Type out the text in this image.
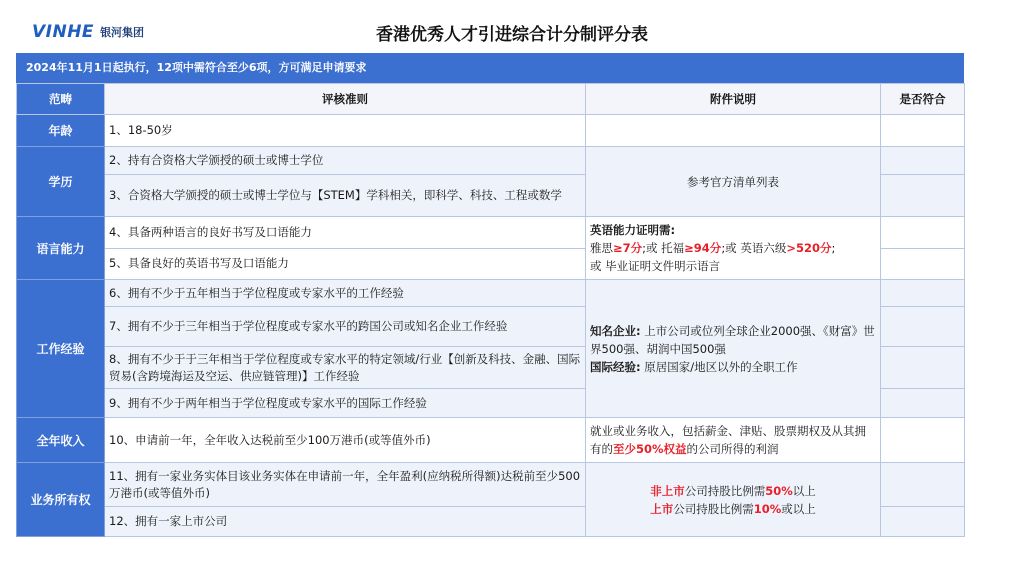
VINHE 银河集团	香港优秀人才引进综合计分制评分表
2024年11月1日起执行，12项中需符合至少6项，方可满足申请要求
范畴	评核准则	附件说明	是否符合
年龄	1、18-50岁		
学历	2、持有合资格大学颁授的硕士或博士学位	参考官方清单列表	
	3、合资格大学颁授的硕士或博士学位与【STEM】学科相关，即科学、科技、工程或数学		
语言能力	4、具备两种语言的良好书写及口语能力	英语能力证明需:
雅思≥7分;或 托福≥94分;或 英语六级>520分;
或 毕业证明文件明示语言	

	5、具备良好的英语书写及口语能力		
工作经验	6、拥有不少于五年相当于学位程度或专家水平的工作经验	知名企业: 上市公司或位列全球企业2000强、《财富》世界500强、胡润中国500强
国际经验: 原居国家/地区以外的全职工作	

	7、拥有不少于三年相当于学位程度或专家水平的跨国公司或知名企业工作经验		
	8、拥有不少于于三年相当于学位程度或专家水平的特定领域/行业【创新及科技、金融、国际贸易(含跨境海运及空运、供应链管理)】工作经验		
	9、拥有不少于两年相当于学位程度或专家水平的国际工作经验		
全年收入	10、申请前一年，全年收入达税前至少100万港币(或等值外币)	就业或业务收入，包括薪金、津贴、股票期权及从其拥有的至少50%权益的公司所得的利润	
业务所有权	11、拥有一家业务实体目该业务实体在申请前一年，全年盈利(应纳税所得额)达税前至少500万港币(或等值外币)	非上市公司持股比例需50%以上
上市公司持股比例需10%或以上	

	12、拥有一家上市公司		
